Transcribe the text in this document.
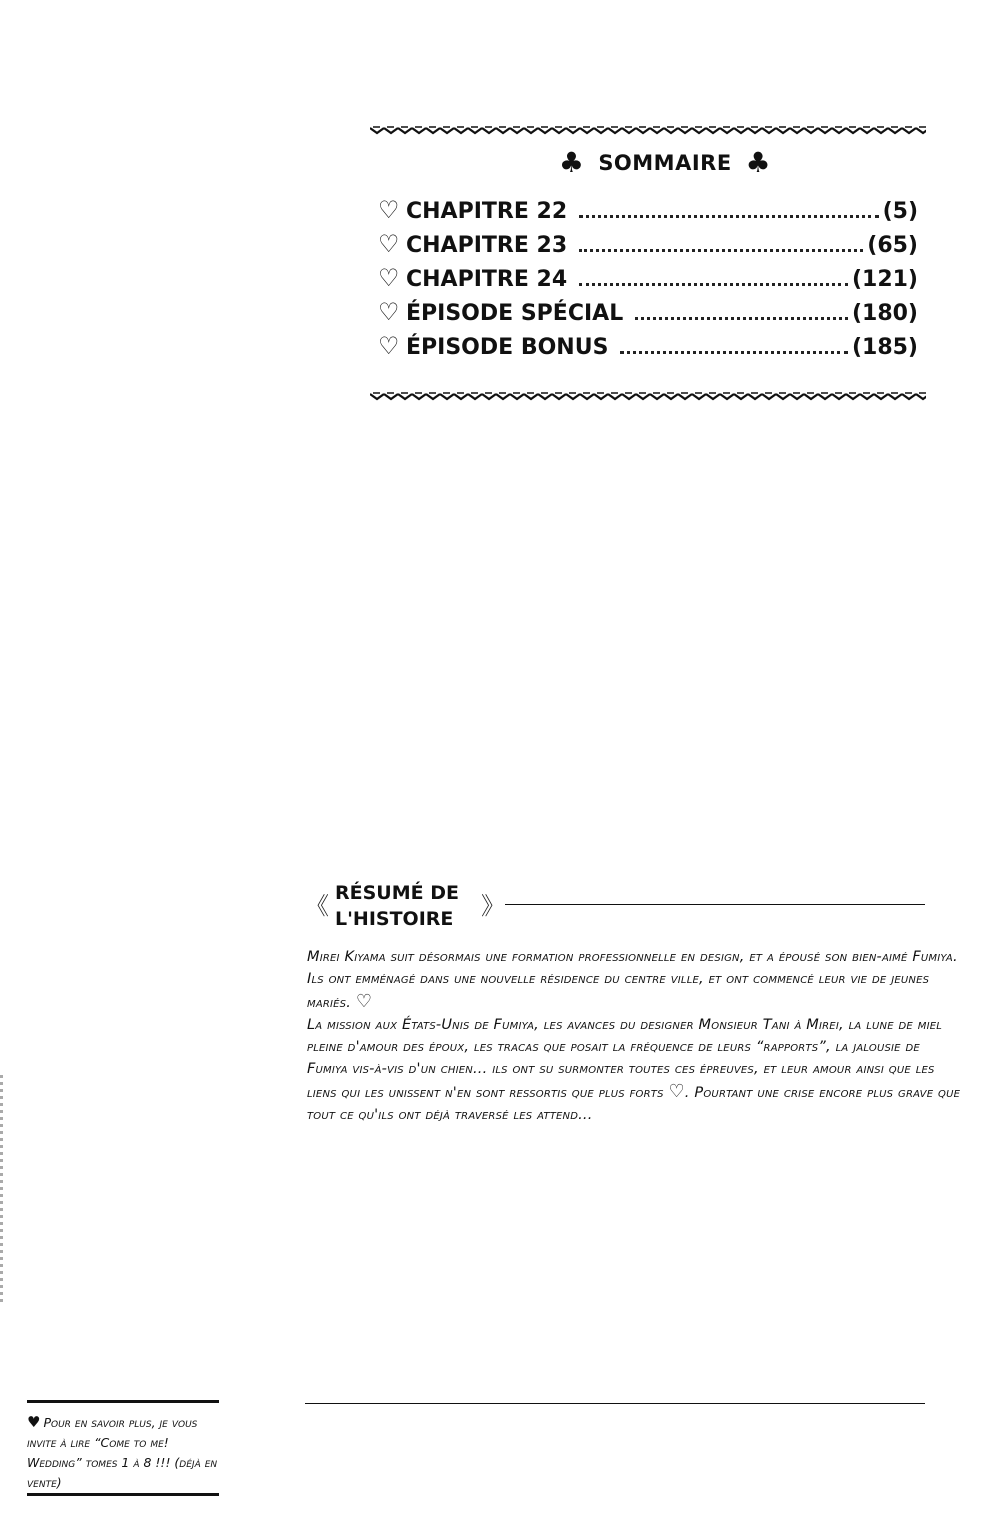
♣ SOMMAIRE ♣
♡ CHAPITRE 22	(5)
♡ CHAPITRE 23	(65)
♡ CHAPITRE 24	(121)
♡ ÉPISODE SPÉCIAL	(180)
♡ ÉPISODE BONUS	(185)
《 RÉSUMÉ DE
L'HISTOIRE	》

Mirei Kiyama suit désormais une formation professionnelle en design, et a épousé son bien-aimé Fumiya. Ils ont emménagé dans une nouvelle résidence du centre ville, et ont commencé leur vie de jeunes mariés. ♡

La mission aux États-Unis de Fumiya, les avances du designer Monsieur Tani à Mirei, la lune de miel pleine d'amour des époux, les tracas que posait la fréquence de leurs “rapports”, la jalousie de Fumiya vis-à-vis d'un chien... ils ont su surmonter toutes ces épreuves, et leur amour ainsi que les liens qui les unissent n'en sont ressortis que plus forts ♡. Pourtant une crise encore plus grave que tout ce qu'ils ont déjà traversé les attend...

♥ Pour en savoir plus, je vous invite à lire “Come to me! Wedding” tomes 1 à 8 !!! (déjà en vente)
